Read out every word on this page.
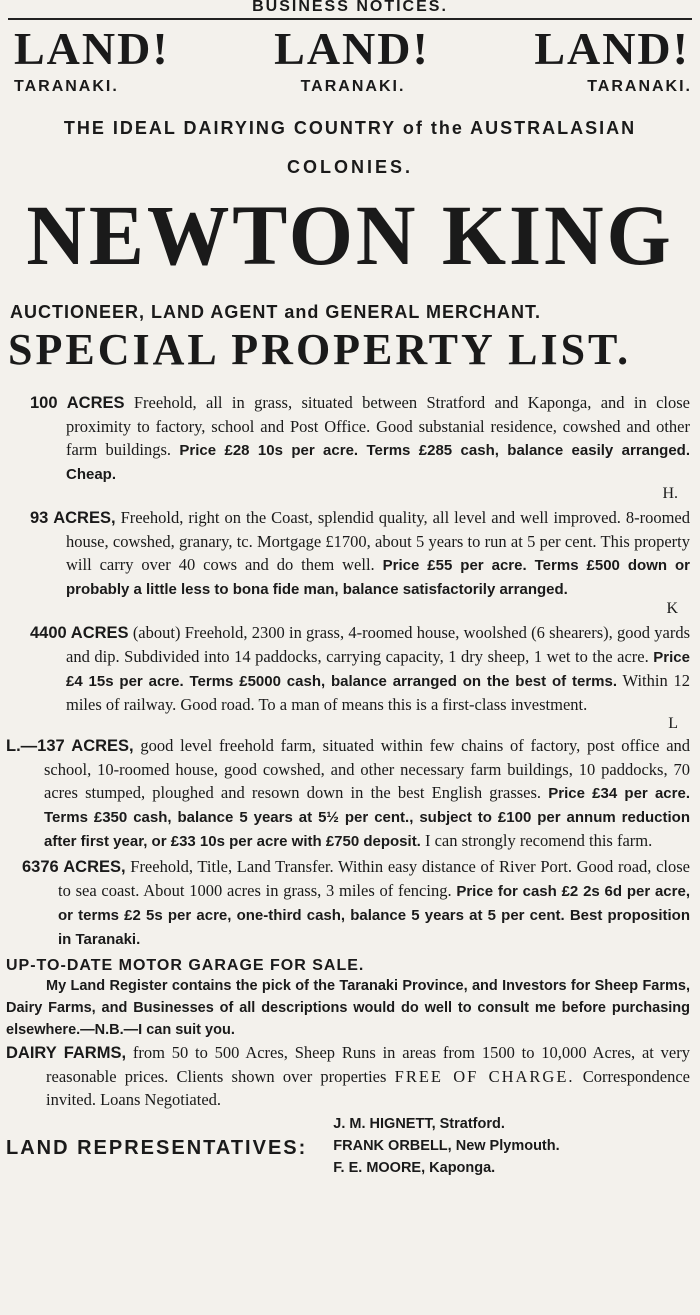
BUSINESS NOTICES.
LAND! LAND! LAND!
TARANAKI.	TARANAKI.	TARANAKI.
THE IDEAL DAIRYING COUNTRY of the AUSTRALASIAN
COLONIES.
NEWTON KING
AUCTIONEER, LAND AGENT and GENERAL MERCHANT.
SPECIAL PROPERTY LIST.
100 ACRES Freehold, all in grass, situated between Stratford and Kaponga, and in close proximity to factory, school and Post Office. Good substanial residence, cowshed and other farm buildings. Price £28 10s per acre. Terms £285 cash, balance easily arranged. Cheap.
H.
93 ACRES, Freehold, right on the Coast, splendid quality, all level and well improved. 8-roomed house, cowshed, granary, tc. Mortgage £1700, about 5 years to run at 5 per cent. This property will carry over 40 cows and do them well. Price £55 per acre. Terms £500 down or probably a little less to bona fide man, balance satisfactorily arranged.
K
4400 ACRES (about) Freehold, 2300 in grass, 4-roomed house, woolshed (6 shearers), good yards and dip. Subdivided into 14 paddocks, carrying capacity, 1 dry sheep, 1 wet to the acre. Price £4 15s per acre. Terms £5000 cash, balance arranged on the best of terms. Within 12 miles of railway. Good road. To a man of means this is a first-class investment.
L
L.—137 ACRES, good level freehold farm, situated within few chains of factory, post office and school, 10-roomed house, good cowshed, and other necessary farm buildings, 10 paddocks, 70 acres stumped, ploughed and resown down in the best English grasses. Price £34 per acre. Terms £350 cash, balance 5 years at 5½ per cent., subject to £100 per annum reduction after first year, or £33 10s per acre with £750 deposit. I can strongly recomend this farm.
6376 ACRES, Freehold, Title, Land Transfer. Within easy distance of River Port. Good road, close to sea coast. About 1000 acres in grass, 3 miles of fencing. Price for cash £2 2s 6d per acre, or terms £2 5s per acre, one-third cash, balance 5 years at 5 per cent. Best proposition in Taranaki.
UP-TO-DATE MOTOR GARAGE FOR SALE.
My Land Register contains the pick of the Taranaki Province, and Investors for Sheep Farms, Dairy Farms, and Businesses of all descriptions would do well to consult me before purchasing elsewhere.—N.B.—I can suit you.
DAIRY FARMS, from 50 to 500 Acres, Sheep Runs in areas from 1500 to 10,000 Acres, at very reasonable prices. Clients shown over properties FREE OF CHARGE. Correspondence invited. Loans Negotiated.
LAND REPRESENTATIVES:
J. M. HIGNETT, Stratford.
FRANK ORBELL, New Plymouth.
F. E. MOORE, Kaponga.
